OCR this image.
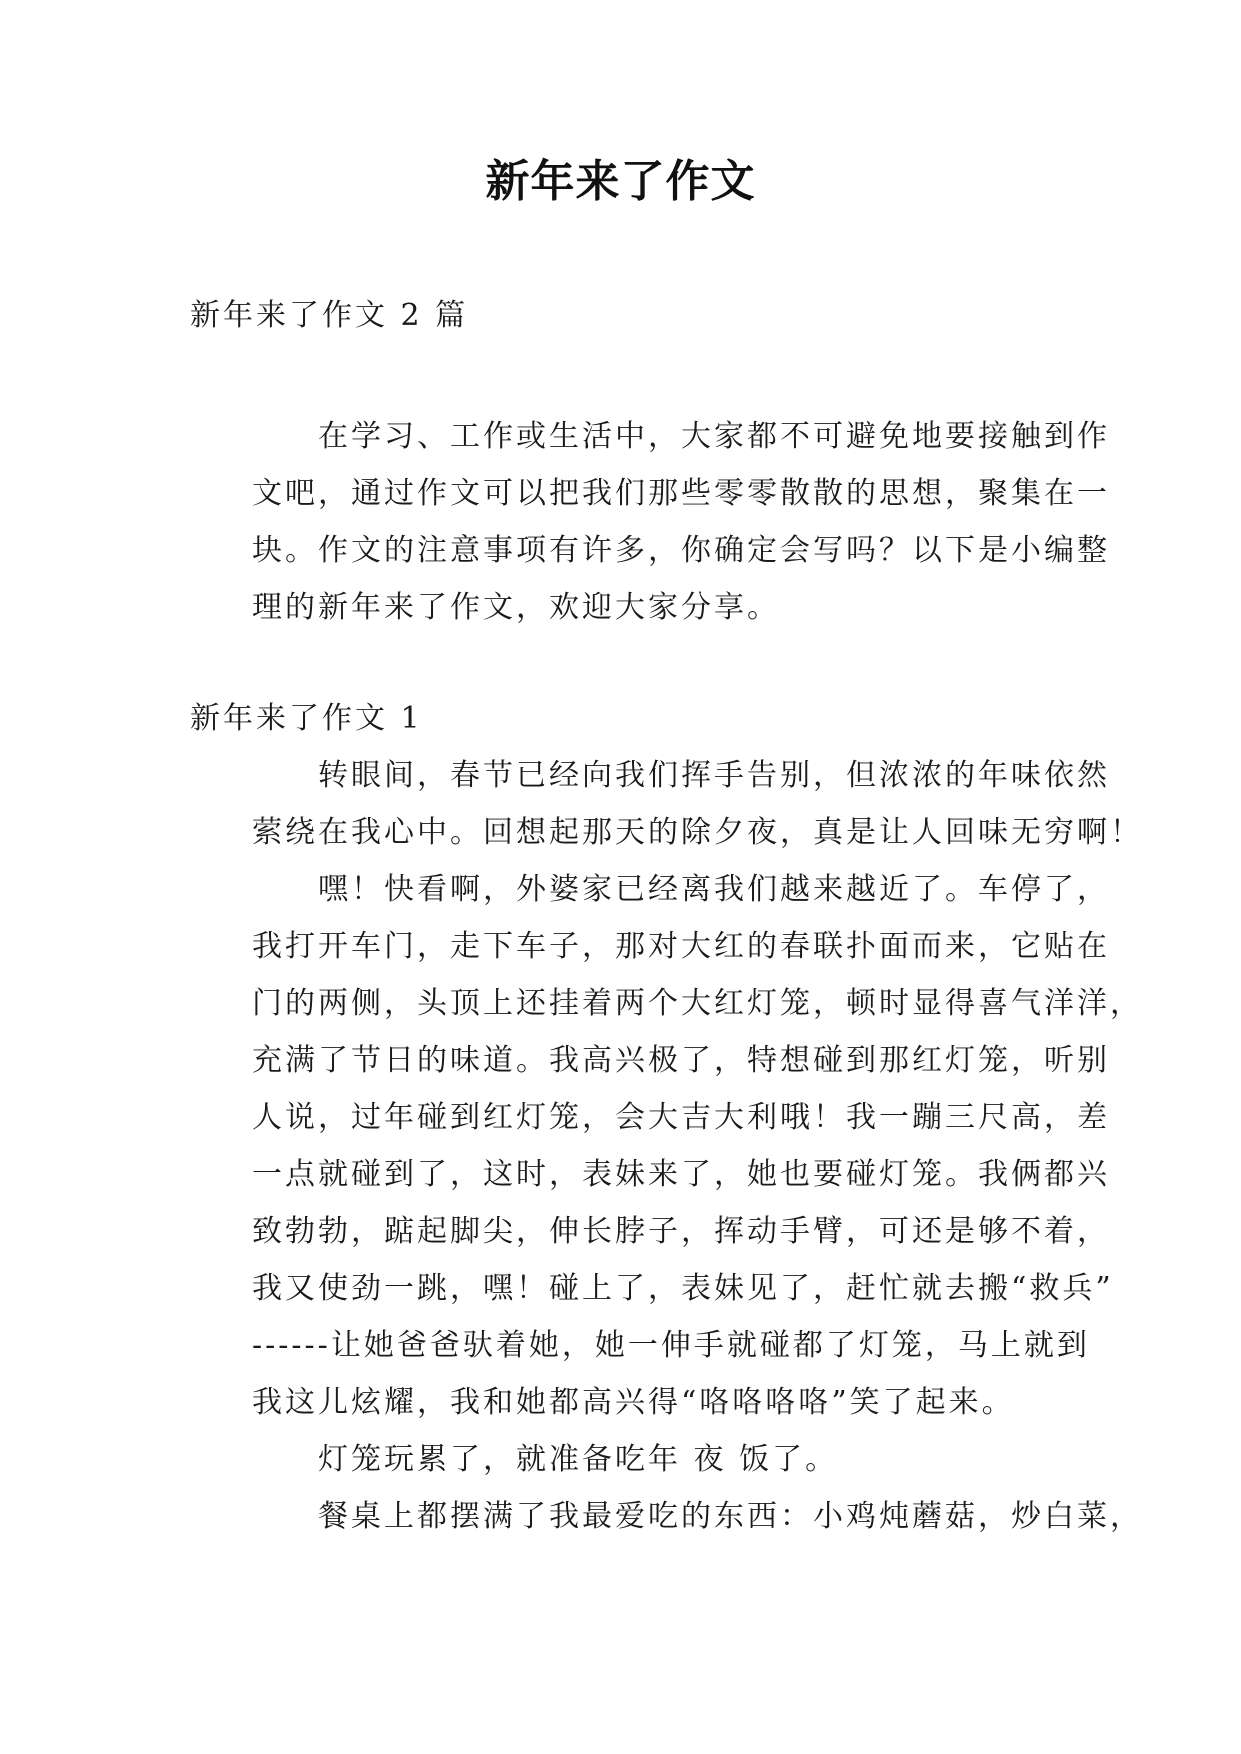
新年来了作文
新年来了作文 2 篇
在学习、工作或生活中，大家都不可避免地要接触到作
文吧，通过作文可以把我们那些零零散散的思想，聚集在一
块。作文的注意事项有许多，你确定会写吗？以下是小编整
理的新年来了作文，欢迎大家分享。
新年来了作文 1
转眼间，春节已经向我们挥手告别，但浓浓的年味依然
萦绕在我心中。回想起那天的除夕夜，真是让人回味无穷啊！
嘿！快看啊，外婆家已经离我们越来越近了。车停了，
我打开车门，走下车子，那对大红的春联扑面而来，它贴在
门的两侧，头顶上还挂着两个大红灯笼，顿时显得喜气洋洋，
充满了节日的味道。我高兴极了，特想碰到那红灯笼，听别
人说，过年碰到红灯笼，会大吉大利哦！我一蹦三尺高，差
一点就碰到了，这时，表妹来了，她也要碰灯笼。我俩都兴
致勃勃，踮起脚尖，伸长脖子，挥动手臂，可还是够不着，
我又使劲一跳，嘿！碰上了，表妹见了，赶忙就去搬“救兵”
------让她爸爸驮着她，她一伸手就碰都了灯笼，马上就到
我这儿炫耀，我和她都高兴得“咯咯咯咯”笑了起来。
灯笼玩累了，就准备吃年 夜 饭了。
餐桌上都摆满了我最爱吃的东西：小鸡炖蘑菇，炒白菜，
